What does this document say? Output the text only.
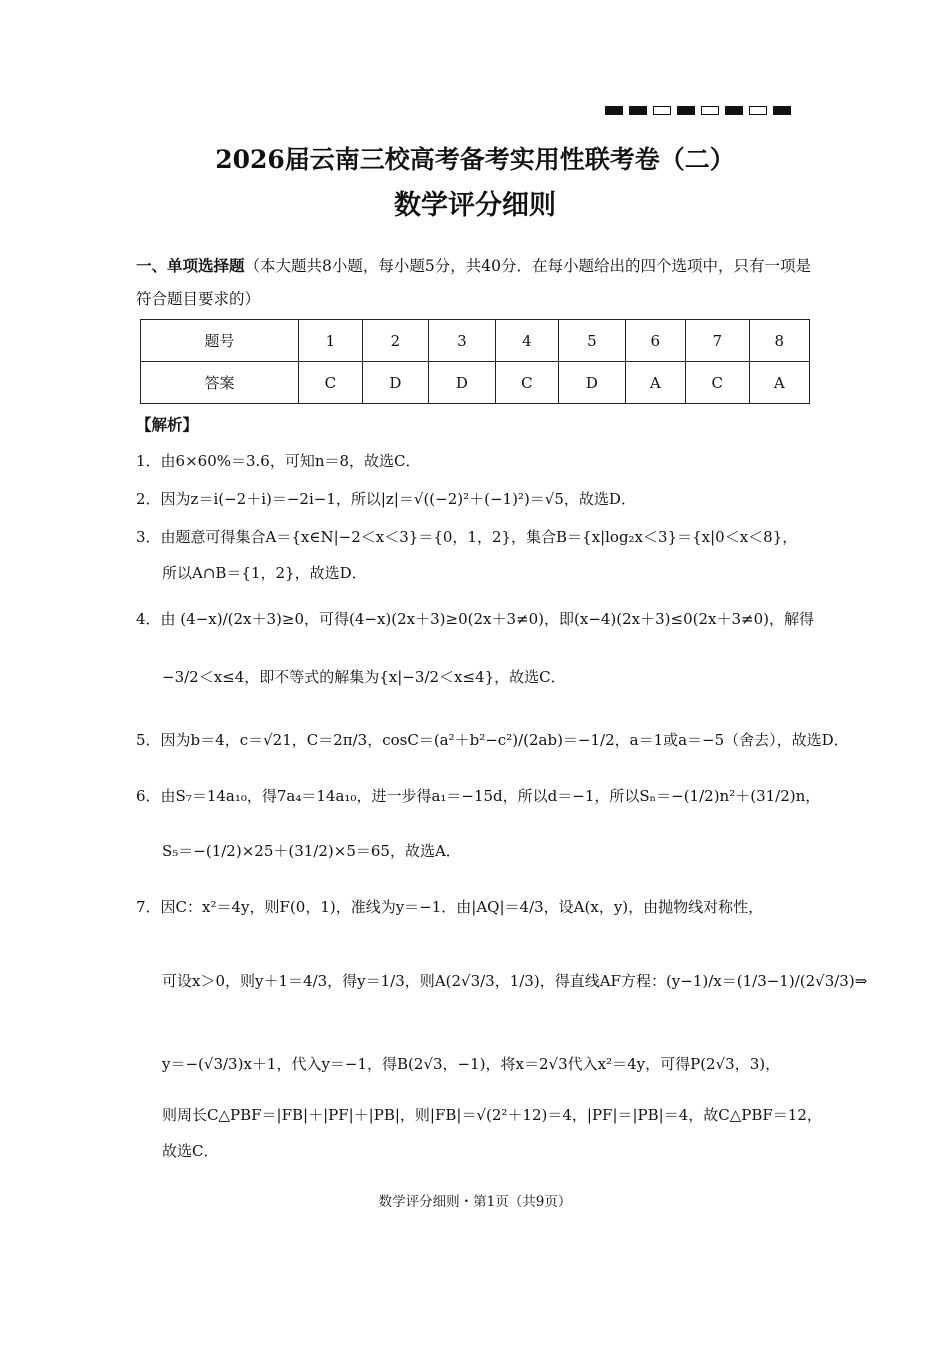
2026届云南三校高考备考实用性联考卷（二）
数学评分细则
一、单项选择题（本大题共8小题，每小题5分，共40分．在每小题给出的四个选项中，只有一项是符合题目要求的）
题号	1	2	3	4	5	6	7	8
答案	C	D	D	C	D	A	C	A
【解析】
1．由6×60%＝3.6，可知n＝8，故选C．
2．因为z＝i(−2＋i)＝−2i−1，所以|z|＝√((−2)²＋(−1)²)＝√5，故选D．
3．由题意可得集合A＝{x∈N|−2＜x＜3}＝{0，1，2}，集合B＝{x|log₂x＜3}＝{x|0＜x＜8}，
所以A∩B＝{1，2}，故选D．
4．由 (4−x)/(2x＋3)≥0，可得(4−x)(2x＋3)≥0(2x＋3≠0)，即(x−4)(2x＋3)≤0(2x＋3≠0)，解得
−3/2＜x≤4，即不等式的解集为{x|−3/2＜x≤4}，故选C．
5．因为b＝4，c＝√21，C＝2π/3，cosC＝(a²＋b²−c²)/(2ab)＝−1/2，a＝1或a＝−5（舍去），故选D．
6．由S₇＝14a₁₀，得7a₄＝14a₁₀，进一步得a₁＝−15d，所以d＝−1，所以Sₙ＝−(1/2)n²＋(31/2)n，
S₅＝−(1/2)×25＋(31/2)×5＝65，故选A．
7．因C：x²＝4y，则F(0，1)，准线为y＝−1．由|AQ|＝4/3，设A(x，y)，由抛物线对称性，
可设x＞0，则y＋1＝4/3，得y＝1/3，则A(2√3/3，1/3)，得直线AF方程：(y−1)/x＝(1/3−1)/(2√3/3)⇒
y＝−(√3/3)x＋1，代入y＝−1，得B(2√3，−1)，将x＝2√3代入x²＝4y，可得P(2√3，3)，
则周长C△PBF＝|FB|＋|PF|＋|PB|，则|FB|＝√(2²＋12)＝4，|PF|＝|PB|＝4，故C△PBF＝12，
故选C．
数学评分细则・第1页（共9页）
